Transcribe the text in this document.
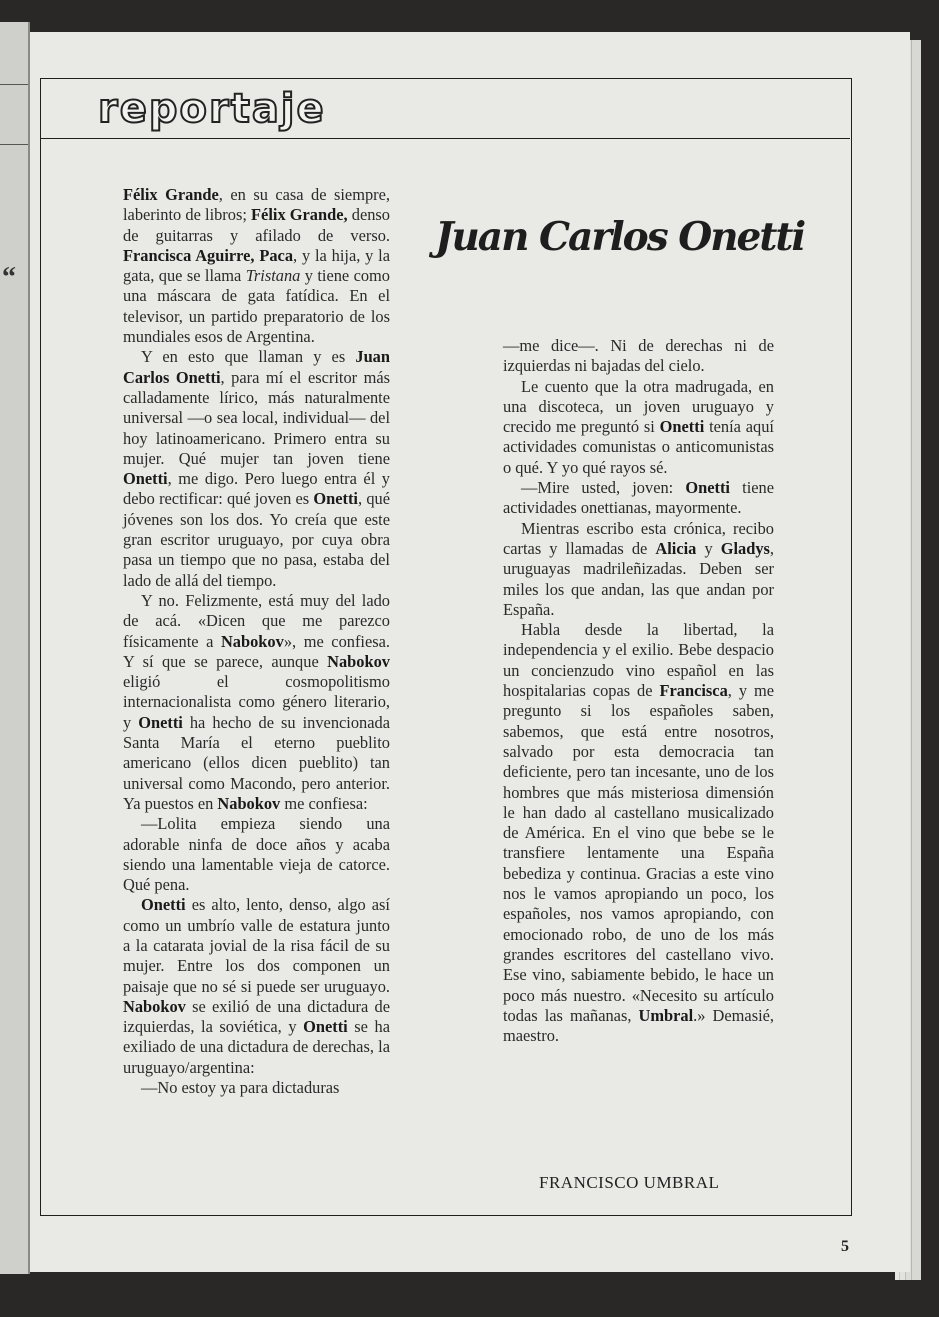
“
reportaje
Juan Carlos Onetti

Félix Grande, en su casa de siempre, laberinto de libros; Félix Grande, denso de guitarras y afilado de verso. Francisca Aguirre, Paca, y la hija, y la gata, que se llama Tristana y tiene como una máscara de gata fatídica. En el televisor, un partido preparatorio de los mundiales esos de Argentina.

Y en esto que llaman y es Juan Carlos Onetti, para mí el escritor más calladamente lírico, más naturalmente universal —o sea local, individual— del hoy latinoamericano. Primero entra su mujer. Qué mujer tan joven tiene Onetti, me digo. Pero luego entra él y debo rectificar: qué joven es Onetti, qué jóvenes son los dos. Yo creía que este gran escritor uruguayo, por cuya obra pasa un tiempo que no pasa, estaba del lado de allá del tiempo.

Y no. Felizmente, está muy del lado de acá. «Dicen que me parezco físicamente a Nabokov», me confiesa. Y sí que se parece, aunque Nabokov eligió el cosmopolitismo internacionalista como género literario, y Onetti ha hecho de su invencionada Santa María el eterno pueblito americano (ellos dicen pueblito) tan universal como Macondo, pero anterior. Ya puestos en Nabokov me confiesa:

—Lolita empieza siendo una adorable ninfa de doce años y acaba siendo una lamentable vieja de catorce. Qué pena.

Onetti es alto, lento, denso, algo así como un umbrío valle de estatura junto a la catarata jovial de la risa fácil de su mujer. Entre los dos componen un paisaje que no sé si puede ser uruguayo. Nabokov se exilió de una dictadura de izquierdas, la soviética, y Onetti se ha exiliado de una dictadura de derechas, la uruguayo/argentina:

—No estoy ya para dictaduras

—me dice—. Ni de derechas ni de izquierdas ni bajadas del cielo.

Le cuento que la otra madrugada, en una discoteca, un joven uruguayo y crecido me preguntó si Onetti tenía aquí actividades comunistas o anticomunistas o qué. Y yo qué rayos sé.

—Mire usted, joven: Onetti tiene actividades onettianas, mayormente.

Mientras escribo esta crónica, recibo cartas y llamadas de Alicia y Gladys, uruguayas madrileñizadas. Deben ser miles los que andan, las que andan por España.

Habla desde la libertad, la independencia y el exilio. Bebe despacio un concienzudo vino español en las hospitalarias copas de Francisca, y me pregunto si los españoles saben, sabemos, que está entre nosotros, salvado por esta democracia tan deficiente, pero tan incesante, uno de los hombres que más misteriosa dimensión le han dado al castellano musicalizado de América. En el vino que bebe se le transfiere lentamente una España bebediza y continua. Gracias a este vino nos le vamos apropiando un poco, los españoles, nos vamos apropiando, con emocionado robo, de uno de los más grandes escritores del castellano vivo. Ese vino, sabiamente bebido, le hace un poco más nuestro. «Necesito su artículo todas las mañanas, Umbral.» Demasié, maestro.

FRANCISCO UMBRAL
5
